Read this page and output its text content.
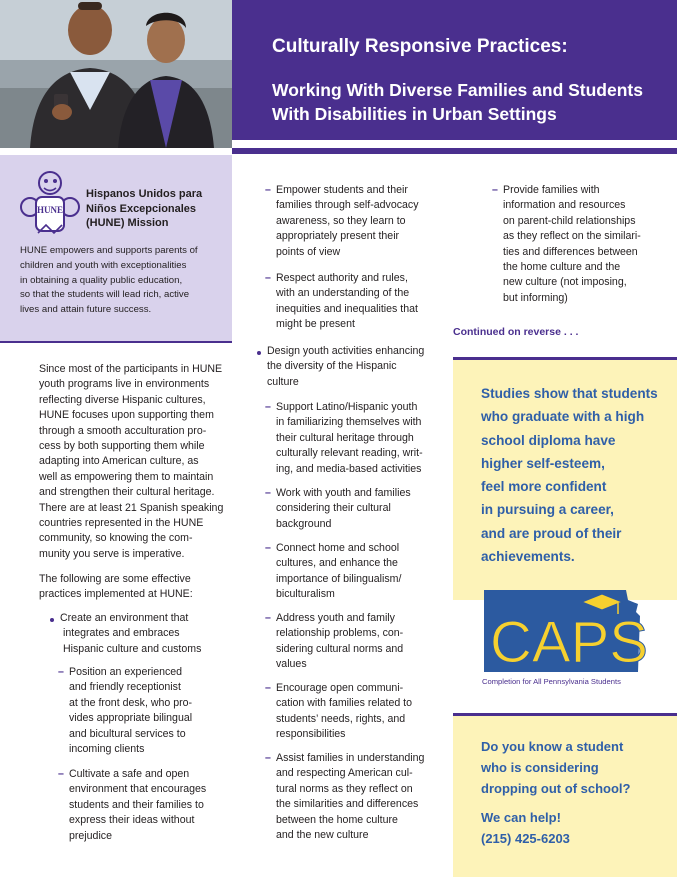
Culturally Responsive Practices:
Working With Diverse Families and Students
With Disabilities in Urban Settings
HUNE
Hispanos Unidos para
Niños Excepcionales
(HUNE) Mission
HUNE empowers and supports parents of
children and youth with exceptionalities
in obtaining a quality public education,
so that the students will lead rich, active
lives and attain future success.
Since most of the participants in HUNE
youth programs live in environments
reflecting diverse Hispanic cultures,
HUNE focuses upon supporting them
through a smooth acculturation pro-
cess by both supporting them while
adapting into American culture, as
well as empowering them to maintain
and strengthen their cultural heritage.
There are at least 21 Spanish speaking
countries represented in the HUNE
community, so knowing the com-
munity you serve is imperative.
The following are some effective
practices implemented at HUNE:
Create an environment that
integrates and embraces
Hispanic culture and customs
– Position an experienced
and friendly receptionist
at the front desk, who pro-
vides appropriate bilingual
and bicultural services to
incoming clients
– Cultivate a safe and open
environment that encourages
students and their families to
express their ideas without
prejudice
– Empower students and their
families through self-advocacy
awareness, so they learn to
appropriately present their
points of view
– Respect authority and rules,
with an understanding of the
inequities and inequalities that
might be present
Design youth activities enhancing
the diversity of the Hispanic
culture
– Support Latino/Hispanic youth
in familiarizing themselves with
their cultural heritage through
culturally relevant reading, writ-
ing, and media-based activities
– Work with youth and families
considering their cultural
background
– Connect home and school
cultures, and enhance the
importance of bilingualism/
biculturalism
– Address youth and family
relationship problems, con-
sidering cultural norms and
values
– Encourage open communi-
cation with families related to
students’ needs, rights, and
responsibilities
– Assist families in understanding
and respecting American cul-
tural norms as they reflect on
the similarities and differences
between the home culture
and the new culture
– Provide families with
information and resources
on parent-child relationships
as they reflect on the similari-
ties and differences between
the home culture and the
new culture (not imposing,
but informing)
Continued on reverse . . .
Studies show that students
who graduate with a high
school diploma have
higher self-esteem,
feel more confident
in pursuing a career,
and are proud of their
achievements.
CAPS
Completion for All Pennsylvania Students
Do you know a student
who is considering
dropping out of school?
We can help!
(215) 425-6203
